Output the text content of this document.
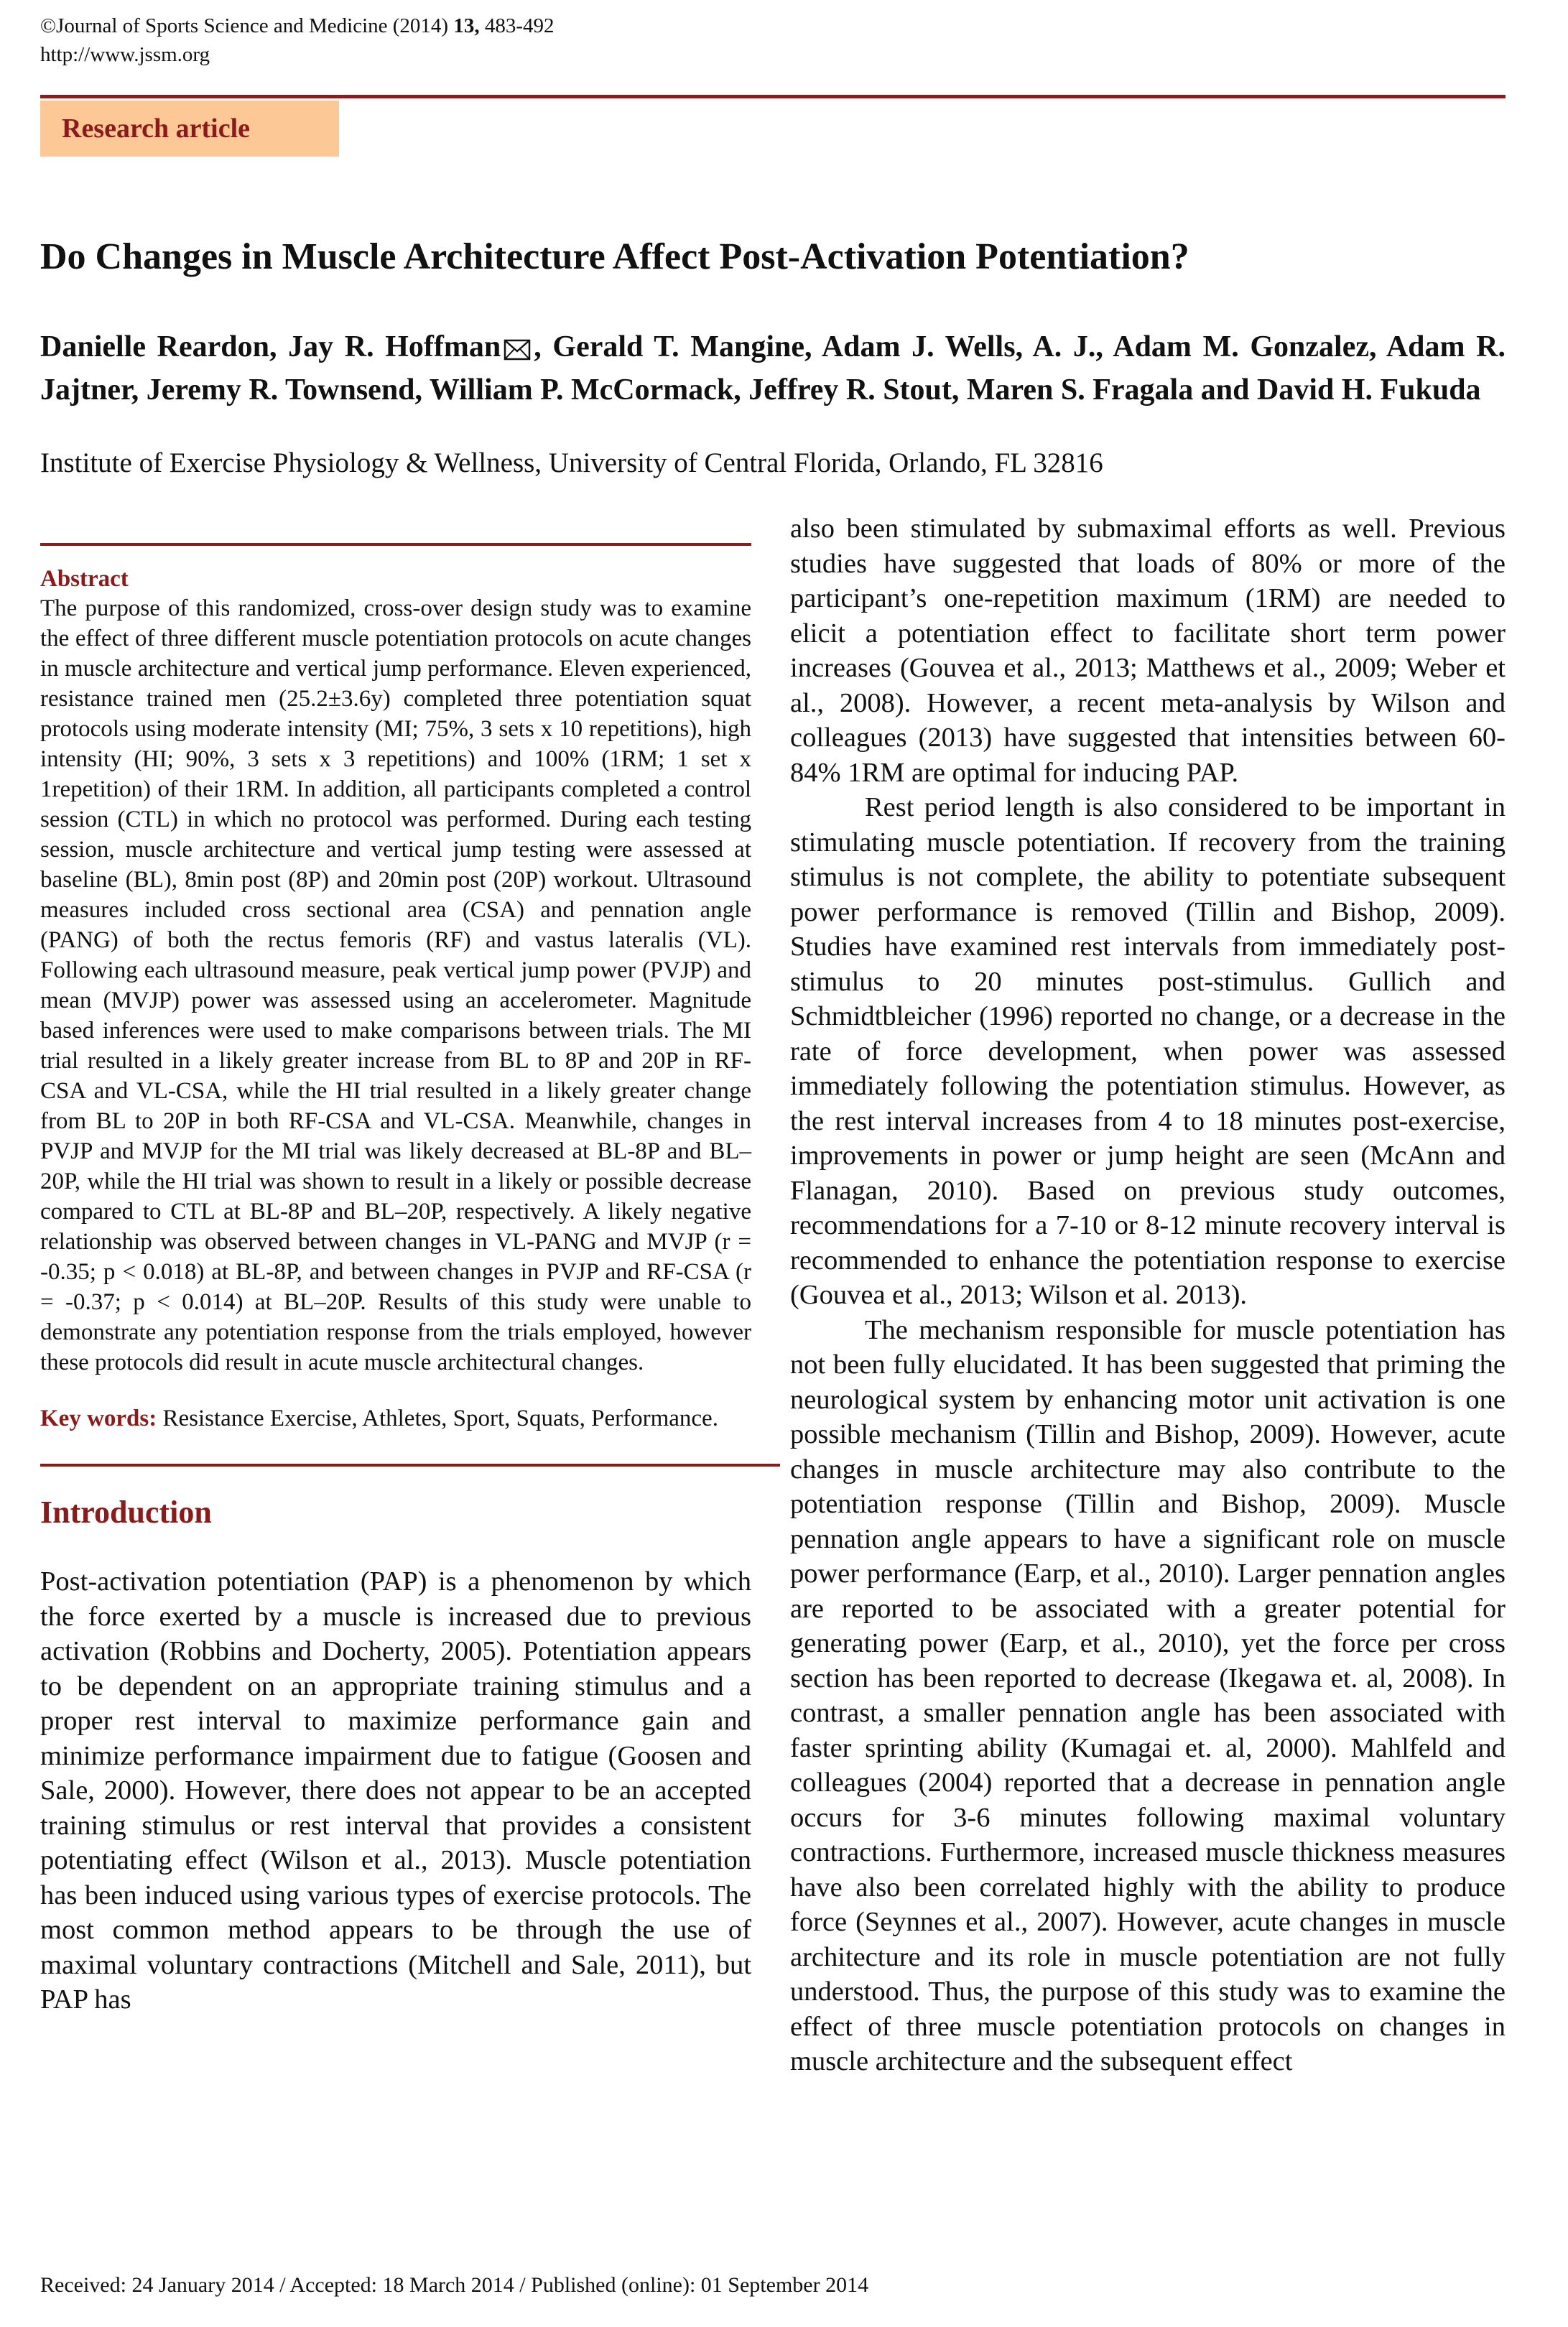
©Journal of Sports Science and Medicine (2014) 13, 483-492
http://www.jssm.org
Research article
Do Changes in Muscle Architecture Affect Post-Activation Potentiation?
Danielle Reardon, Jay R. Hoffman , Gerald T. Mangine, Adam J. Wells, A. J., Adam M. Gonzalez, Adam R. Jajtner, Jeremy R. Townsend, William P. McCormack, Jeffrey R. Stout, Maren S. Fragala and David H. Fukuda
Institute of Exercise Physiology & Wellness, University of Central Florida, Orlando, FL 32816
Abstract

The purpose of this randomized, cross-over design study was to examine the effect of three different muscle potentiation protocols on acute changes in muscle architecture and vertical jump performance. Eleven experienced, resistance trained men (25.2±3.6y) completed three potentiation squat protocols using moderate intensity (MI; 75%, 3 sets x 10 repetitions), high intensity (HI; 90%, 3 sets x 3 repetitions) and 100% (1RM; 1 set x 1repetition) of their 1RM. In addition, all participants completed a control session (CTL) in which no protocol was performed. During each testing session, muscle architecture and vertical jump testing were assessed at baseline (BL), 8min post (8P) and 20min post (20P) workout. Ultrasound measures included cross sectional area (CSA) and pennation angle (PANG) of both the rectus femoris (RF) and vastus lateralis (VL). Following each ultrasound measure, peak vertical jump power (PVJP) and mean (MVJP) power was assessed using an accelerometer. Magnitude based inferences were used to make comparisons between trials. The MI trial resulted in a likely greater increase from BL to 8P and 20P in RF-CSA and VL-CSA, while the HI trial resulted in a likely greater change from BL to 20P in both RF-CSA and VL-CSA. Meanwhile, changes in PVJP and MVJP for the MI trial was likely decreased at BL-8P and BL–20P, while the HI trial was shown to result in a likely or possible decrease compared to CTL at BL-8P and BL–20P, respectively. A likely negative relationship was observed between changes in VL-PANG and MVJP (r = -0.35; p < 0.018) at BL-8P, and between changes in PVJP and RF-CSA (r = -0.37; p < 0.014) at BL–20P. Results of this study were unable to demonstrate any potentiation response from the trials employed, however these protocols did result in acute muscle architectural changes.

Key words: Resistance Exercise, Athletes, Sport, Squats, Performance.

Introduction

Post-activation potentiation (PAP) is a phenomenon by which the force exerted by a muscle is increased due to previous activation (Robbins and Docherty, 2005). Potentiation appears to be dependent on an appropriate training stimulus and a proper rest interval to maximize performance gain and minimize performance impairment due to fatigue (Goosen and Sale, 2000). However, there does not appear to be an accepted training stimulus or rest interval that provides a consistent potentiating effect (Wilson et al., 2013). Muscle potentiation has been induced using various types of exercise protocols. The most common method appears to be through the use of maximal voluntary contractions (Mitchell and Sale, 2011), but PAP has

also been stimulated by submaximal efforts as well. Previous studies have suggested that loads of 80% or more of the participant’s one-repetition maximum (1RM) are needed to elicit a potentiation effect to facilitate short term power increases (Gouvea et al., 2013; Matthews et al., 2009; Weber et al., 2008). However, a recent meta-analysis by Wilson and colleagues (2013) have suggested that intensities between 60-84% 1RM are optimal for inducing PAP.

Rest period length is also considered to be important in stimulating muscle potentiation. If recovery from the training stimulus is not complete, the ability to potentiate subsequent power performance is removed (Tillin and Bishop, 2009). Studies have examined rest intervals from immediately post-stimulus to 20 minutes post-stimulus. Gullich and Schmidtbleicher (1996) reported no change, or a decrease in the rate of force development, when power was assessed immediately following the potentiation stimulus. However, as the rest interval increases from 4 to 18 minutes post-exercise, improvements in power or jump height are seen (McAnn and Flanagan, 2010). Based on previous study outcomes, recommendations for a 7-10 or 8-12 minute recovery interval is recommended to enhance the potentiation response to exercise (Gouvea et al., 2013; Wilson et al. 2013).

The mechanism responsible for muscle potentiation has not been fully elucidated. It has been suggested that priming the neurological system by enhancing motor unit activation is one possible mechanism (Tillin and Bishop, 2009). However, acute changes in muscle architecture may also contribute to the potentiation response (Tillin and Bishop, 2009). Muscle pennation angle appears to have a significant role on muscle power performance (Earp, et al., 2010). Larger pennation angles are reported to be associated with a greater potential for generating power (Earp, et al., 2010), yet the force per cross section has been reported to decrease (Ikegawa et. al, 2008). In contrast, a smaller pennation angle has been associated with faster sprinting ability (Kumagai et. al, 2000). Mahlfeld and colleagues (2004) reported that a decrease in pennation angle occurs for 3-6 minutes following maximal voluntary contractions. Furthermore, increased muscle thickness measures have also been correlated highly with the ability to produce force (Seynnes et al., 2007). However, acute changes in muscle architecture and its role in muscle potentiation are not fully understood. Thus, the purpose of this study was to examine the effect of three muscle potentiation protocols on changes in muscle architecture and the subsequent effect

Received: 24 January 2014 / Accepted: 18 March 2014 / Published (online): 01 September 2014
